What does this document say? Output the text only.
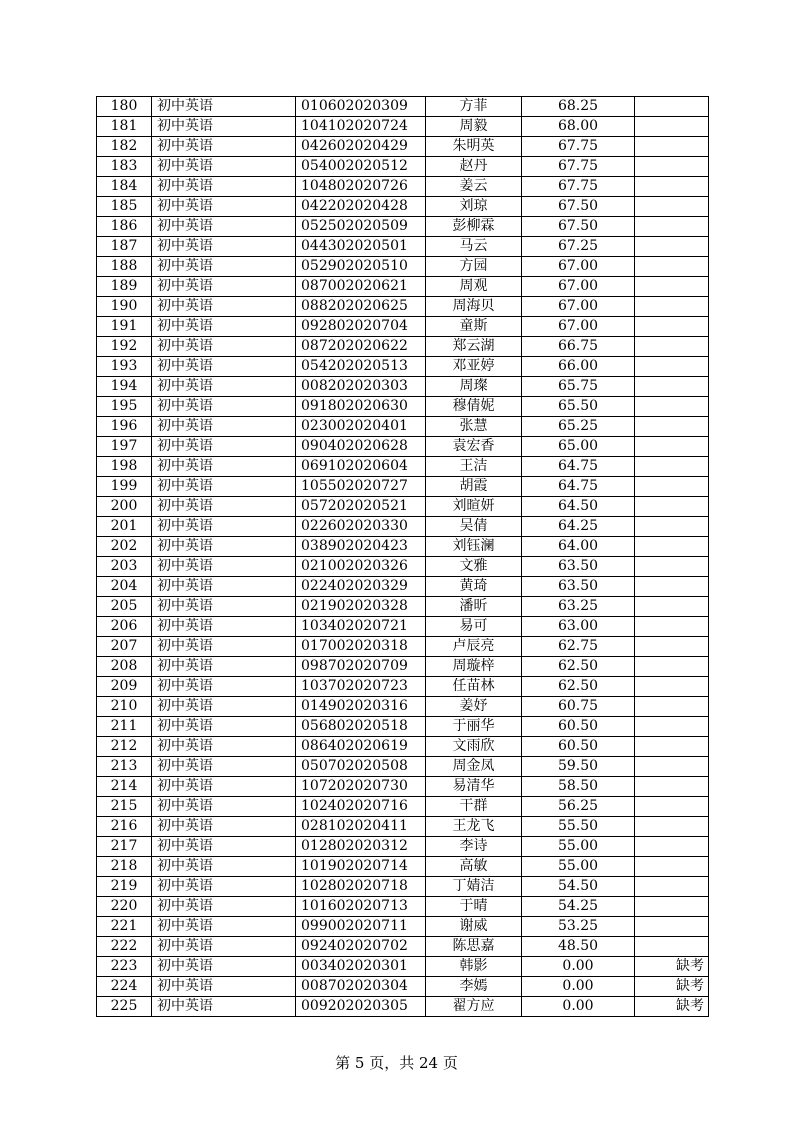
180	初中英语	010602020309	方菲	68.25	
181	初中英语	104102020724	周毅	68.00	
182	初中英语	042602020429	朱明英	67.75	
183	初中英语	054002020512	赵丹	67.75	
184	初中英语	104802020726	姜云	67.75	
185	初中英语	042202020428	刘琼	67.50	
186	初中英语	052502020509	彭柳霖	67.50	
187	初中英语	044302020501	马云	67.25	
188	初中英语	052902020510	方园	67.00	
189	初中英语	087002020621	周观	67.00	
190	初中英语	088202020625	周海贝	67.00	
191	初中英语	092802020704	童斯	67.00	
192	初中英语	087202020622	郑云湖	66.75	
193	初中英语	054202020513	邓亚婷	66.00	
194	初中英语	008202020303	周璨	65.75	
195	初中英语	091802020630	穆倩妮	65.50	
196	初中英语	023002020401	张慧	65.25	
197	初中英语	090402020628	袁宏香	65.00	
198	初中英语	069102020604	王洁	64.75	
199	初中英语	105502020727	胡霞	64.75	
200	初中英语	057202020521	刘暄妍	64.50	
201	初中英语	022602020330	吴倩	64.25	
202	初中英语	038902020423	刘钰澜	64.00	
203	初中英语	021002020326	文雅	63.50	
204	初中英语	022402020329	黄琦	63.50	
205	初中英语	021902020328	潘昕	63.25	
206	初中英语	103402020721	易可	63.00	
207	初中英语	017002020318	卢辰亮	62.75	
208	初中英语	098702020709	周璇梓	62.50	
209	初中英语	103702020723	任苗林	62.50	
210	初中英语	014902020316	姜妤	60.75	
211	初中英语	056802020518	于丽华	60.50	
212	初中英语	086402020619	文雨欣	60.50	
213	初中英语	050702020508	周金凤	59.50	
214	初中英语	107202020730	易清华	58.50	
215	初中英语	102402020716	干群	56.25	
216	初中英语	028102020411	王龙飞	55.50	
217	初中英语	012802020312	李诗	55.00	
218	初中英语	101902020714	高敏	55.00	
219	初中英语	102802020718	丁婧洁	54.50	
220	初中英语	101602020713	于晴	54.25	
221	初中英语	099002020711	谢威	53.25	
222	初中英语	092402020702	陈思嘉	48.50	
223	初中英语	003402020301	韩影	0.00	缺考
224	初中英语	008702020304	李嫣	0.00	缺考
225	初中英语	009202020305	翟方应	0.00	缺考
第 5 页，共 24 页
